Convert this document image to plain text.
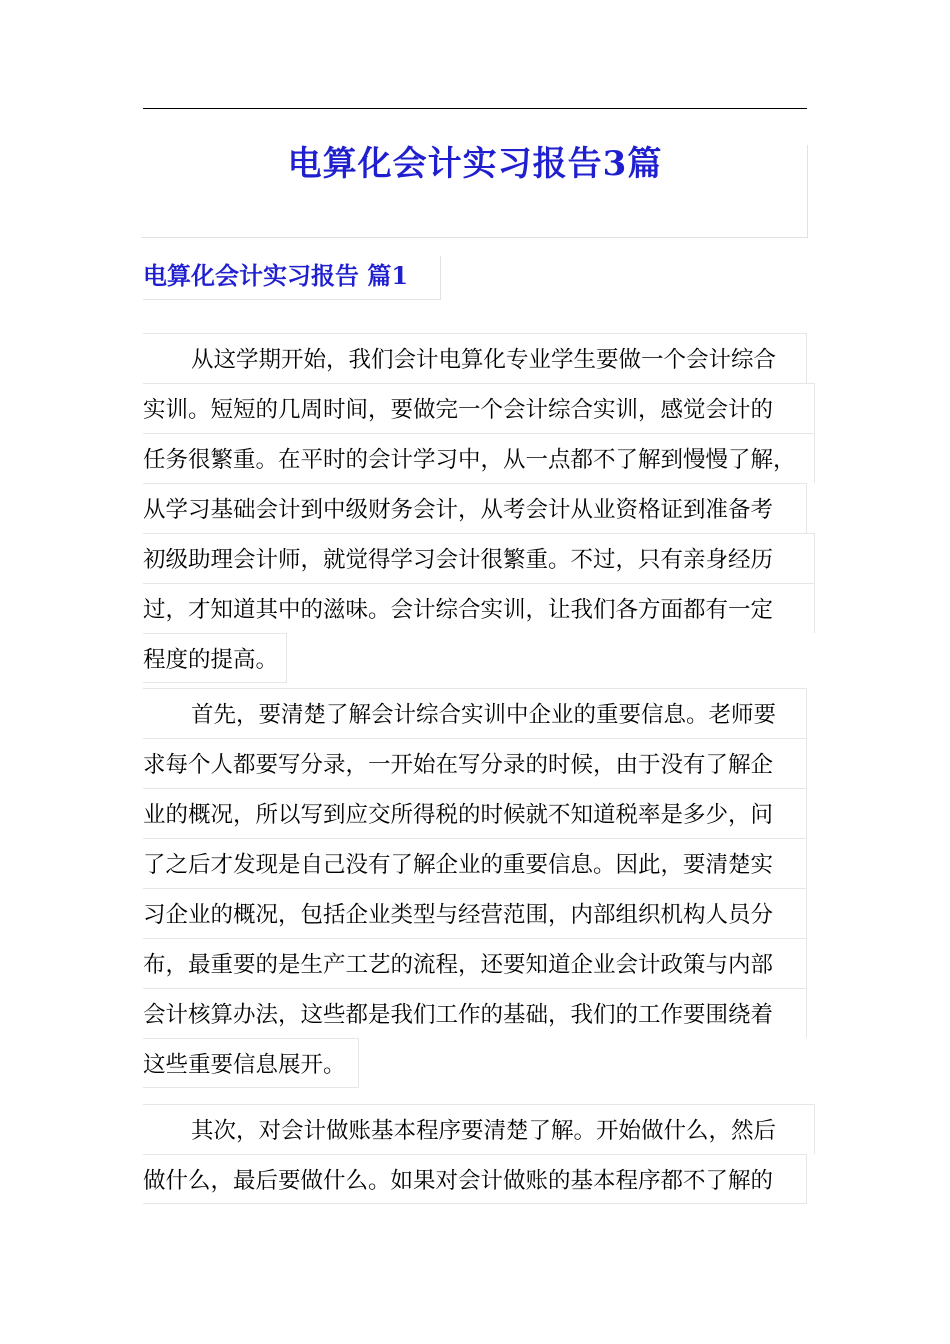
电算化会计实习报告3篇
电算化会计实习报告 篇1
从这学期开始，我们会计电算化专业学生要做一个会计综合
实训。短短的几周时间，要做完一个会计综合实训，感觉会计的
任务很繁重。在平时的会计学习中，从一点都不了解到慢慢了解，
从学习基础会计到中级财务会计，从考会计从业资格证到准备考
初级助理会计师，就觉得学习会计很繁重。不过，只有亲身经历
过，才知道其中的滋味。会计综合实训，让我们各方面都有一定
程度的提高。
首先，要清楚了解会计综合实训中企业的重要信息。老师要
求每个人都要写分录，一开始在写分录的时候，由于没有了解企
业的概况，所以写到应交所得税的时候就不知道税率是多少，问
了之后才发现是自己没有了解企业的重要信息。因此，要清楚实
习企业的概况，包括企业类型与经营范围，内部组织机构人员分
布，最重要的是生产工艺的流程，还要知道企业会计政策与内部
会计核算办法，这些都是我们工作的基础，我们的工作要围绕着
这些重要信息展开。
其次，对会计做账基本程序要清楚了解。开始做什么，然后
做什么，最后要做什么。如果对会计做账的基本程序都不了解的
